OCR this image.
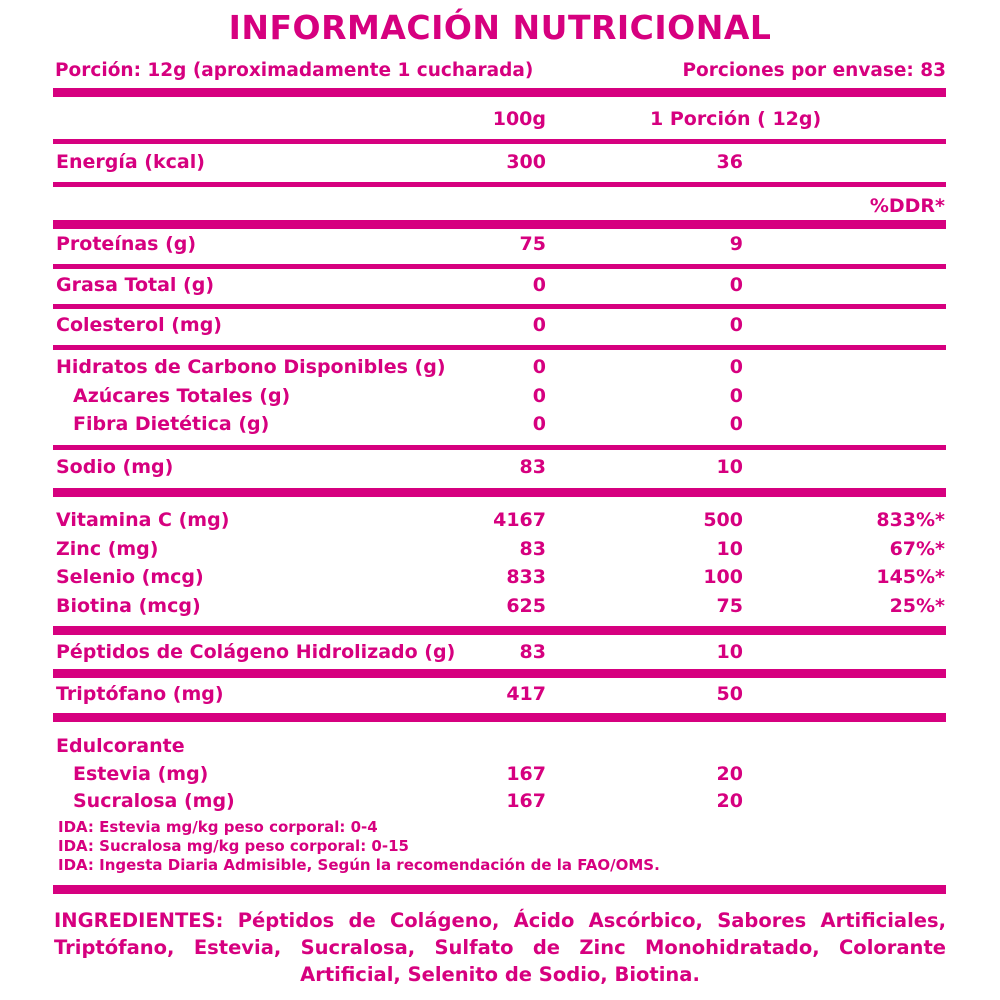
INFORMACIÓN NUTRICIONAL
Porción: 12g (aproximadamente 1 cucharada)	Porciones por envase: 83
100g	1 Porción ( 12g)
Energía (kcal)	300	36
%DDR*
Proteínas (g)	75	9
Grasa Total (g)	0	0
Colesterol (mg)	0	0
Hidratos de Carbono Disponibles (g)	0	0
Azúcares Totales (g)	0	0
Fibra Dietética (g)	0	0
Sodio (mg)	83	10
Vitamina C (mg)	4167	500	833%*
Zinc (mg)	83	10	67%*
Selenio (mcg)	833	100	145%*
Biotina (mcg)	625	75	25%*
Péptidos de Colágeno Hidrolizado (g)	83	10
Triptófano (mg)	417	50
Edulcorante
Estevia (mg)	167	20
Sucralosa (mg)	167	20
IDA: Estevia mg/kg peso corporal: 0-4
IDA: Sucralosa mg/kg peso corporal: 0-15
IDA: Ingesta Diaria Admisible, Según la recomendación de la FAO/OMS.
INGREDIENTES: Péptidos de Colágeno, Ácido Ascórbico, Sabores Artificiales, Triptófano, Estevia, Sucralosa, Sulfato de Zinc Monohidratado, Colorante Artificial, Selenito de Sodio, Biotina.
